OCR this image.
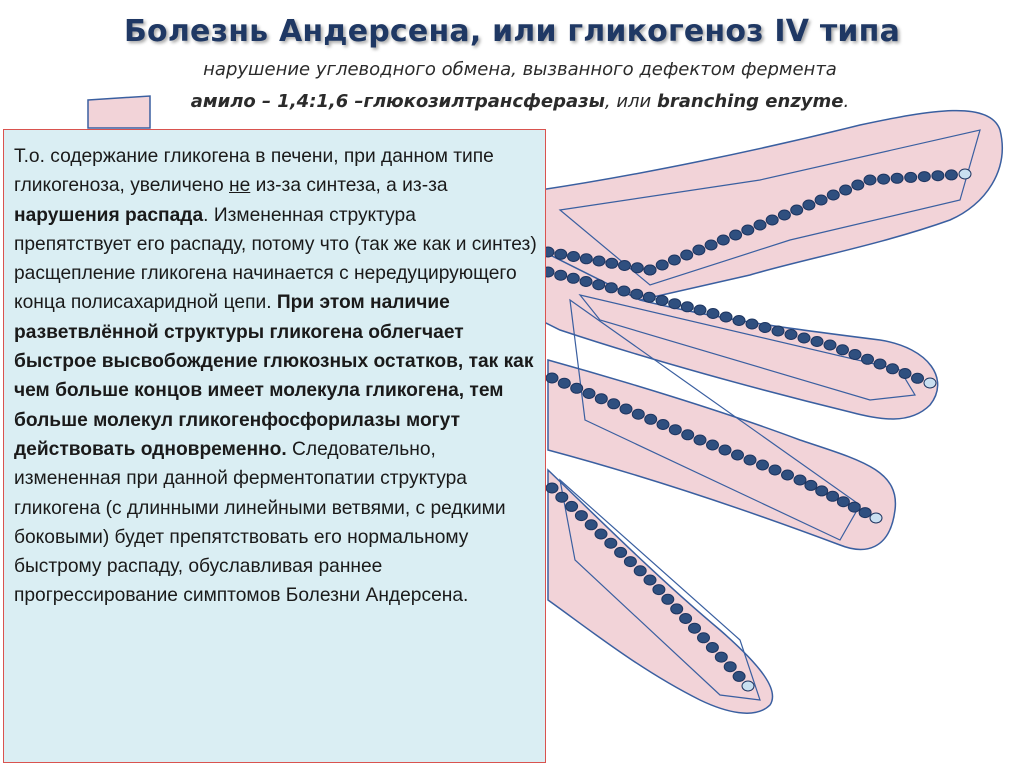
Болезнь Андерсена, или гликогеноз IV типа
нарушение углеводного обмена, вызванного дефектом фермента
амило – 1,4:1,6 –глюкозилтрансферазы, или branching enzyme.

Т.о. содержание гликогена в печени, при данном типе гликогеноза, увеличено не из-за синтеза, а из-за нарушения распада. Измененная структура препятствует его распаду, потому что (так же как и синтез) расщепление гликогена начинается с нередуцирующего конца полисахаридной цепи. При этом наличие разветвлённой структуры гликогена облегчает быстрое высвобождение глюкозных остатков, так как чем больше концов имеет молекула гликогена, тем больше молекул гликогенфосфорилазы могут действовать одновременно. Следовательно, измененная при данной ферментопатии структура гликогена (с длинными линейными ветвями, с редкими боковыми) будет препятствовать его нормальному быстрому распаду, обуславливая раннее прогрессирование симптомов Болезни Андерсена.
